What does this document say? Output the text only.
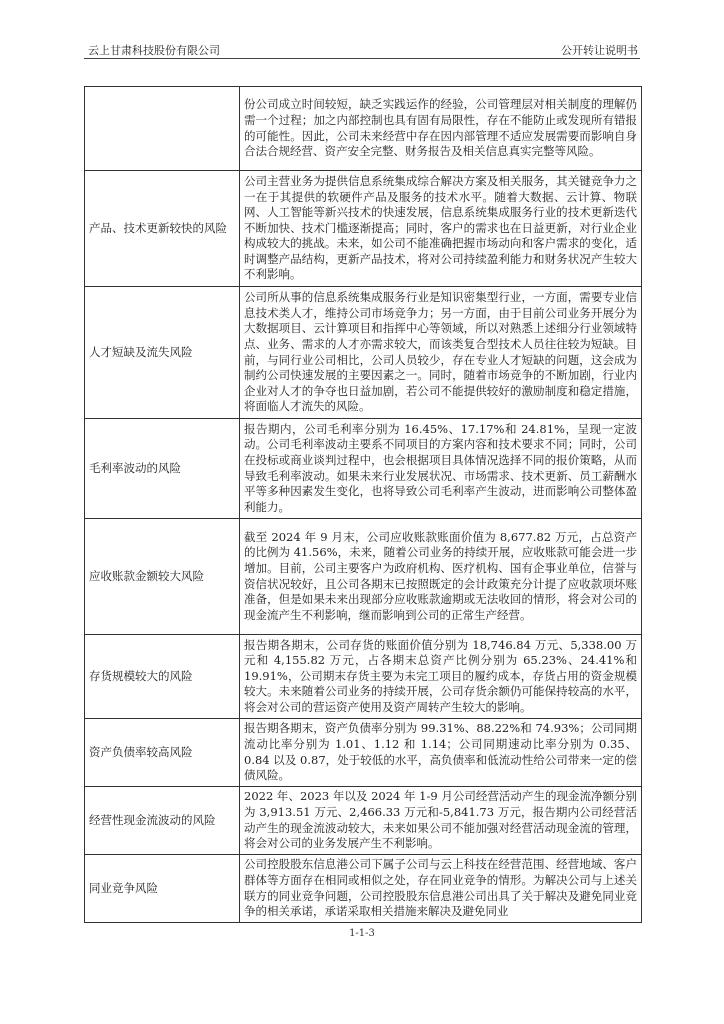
云上甘肃科技股份有限公司	公开转让说明书
	份公司成立时间较短，缺乏实践运作的经验，公司管理层对相关制度的理解仍需一个过程；加之内部控制也具有固有局限性，存在不能防止或发现所有错报的可能性。因此，公司未来经营中存在因内部管理不适应发展需要而影响自身合法合规经营、资产安全完整、财务报告及相关信息真实完整等风险。
产品、技术更新较快的风险	公司主营业务为提供信息系统集成综合解决方案及相关服务，其关键竞争力之一在于其提供的软硬件产品及服务的技术水平。随着大数据、云计算、物联网、人工智能等新兴技术的快速发展，信息系统集成服务行业的技术更新迭代不断加快、技术门槛逐渐提高；同时，客户的需求也在日益更新，对行业企业构成较大的挑战。未来，如公司不能准确把握市场动向和客户需求的变化，适时调整产品结构，更新产品技术，将对公司持续盈利能力和财务状况产生较大不利影响。
人才短缺及流失风险	公司所从事的信息系统集成服务行业是知识密集型行业，一方面，需要专业信息技术类人才，维持公司市场竞争力；另一方面，由于目前公司业务开展分为大数据项目、云计算项目和指挥中心等领域，所以对熟悉上述细分行业领域特点、业务、需求的人才亦需求较大，而该类复合型技术人员往往较为短缺。目前，与同行业公司相比，公司人员较少，存在专业人才短缺的问题，这会成为制约公司快速发展的主要因素之一。同时，随着市场竞争的不断加剧，行业内企业对人才的争夺也日益加剧，若公司不能提供较好的激励制度和稳定措施，将面临人才流失的风险。
毛利率波动的风险	报告期内，公司毛利率分别为 16.45%、17.17%和 24.81%，呈现一定波动。公司毛利率波动主要系不同项目的方案内容和技术要求不同；同时，公司在投标或商业谈判过程中，也会根据项目具体情况选择不同的报价策略，从而导致毛利率波动。如果未来行业发展状况、市场需求、技术更新、员工薪酬水平等多种因素发生变化，也将导致公司毛利率产生波动，进而影响公司整体盈利能力。
应收账款金额较大风险	截至 2024 年 9 月末，公司应收账款账面价值为 8,677.82 万元，占总资产的比例为 41.56%，未来，随着公司业务的持续开展，应收账款可能会进一步增加。目前，公司主要客户为政府机构、医疗机构、国有企事业单位，信誉与资信状况较好，且公司各期末已按照既定的会计政策充分计提了应收款项坏账准备，但是如果未来出现部分应收账款逾期或无法收回的情形，将会对公司的现金流产生不利影响，继而影响到公司的正常生产经营。
存货规模较大的风险	报告期各期末，公司存货的账面价值分别为 18,746.84 万元、5,338.00 万元和 4,155.82 万元，占各期末总资产比例分别为 65.23%、24.41%和 19.91%，公司期末存货主要为未完工项目的履约成本，存货占用的资金规模较大。未来随着公司业务的持续开展，公司存货余额仍可能保持较高的水平，将会对公司的营运资产使用及资产周转产生较大的影响。
资产负债率较高风险	报告期各期末，资产负债率分别为 99.31%、88.22%和 74.93%；公司同期流动比率分别为 1.01、1.12 和 1.14；公司同期速动比率分别为 0.35、0.84 以及 0.87，处于较低的水平，高负债率和低流动性给公司带来一定的偿债风险。
经营性现金流波动的风险	2022 年、2023 年以及 2024 年 1-9 月公司经营活动产生的现金流净额分别为 3,913.51 万元、2,466.33 万元和-5,841.73 万元，报告期内公司经营活动产生的现金流波动较大，未来如果公司不能加强对经营活动现金流的管理，将会对公司的业务发展产生不利影响。
同业竞争风险	公司控股股东信息港公司下属子公司与云上科技在经营范围、经营地域、客户群体等方面存在相同或相似之处，存在同业竞争的情形。为解决公司与上述关联方的同业竞争问题，公司控股股东信息港公司出具了关于解决及避免同业竞争的相关承诺，承诺采取相关措施来解决及避免同业
1-1-3
